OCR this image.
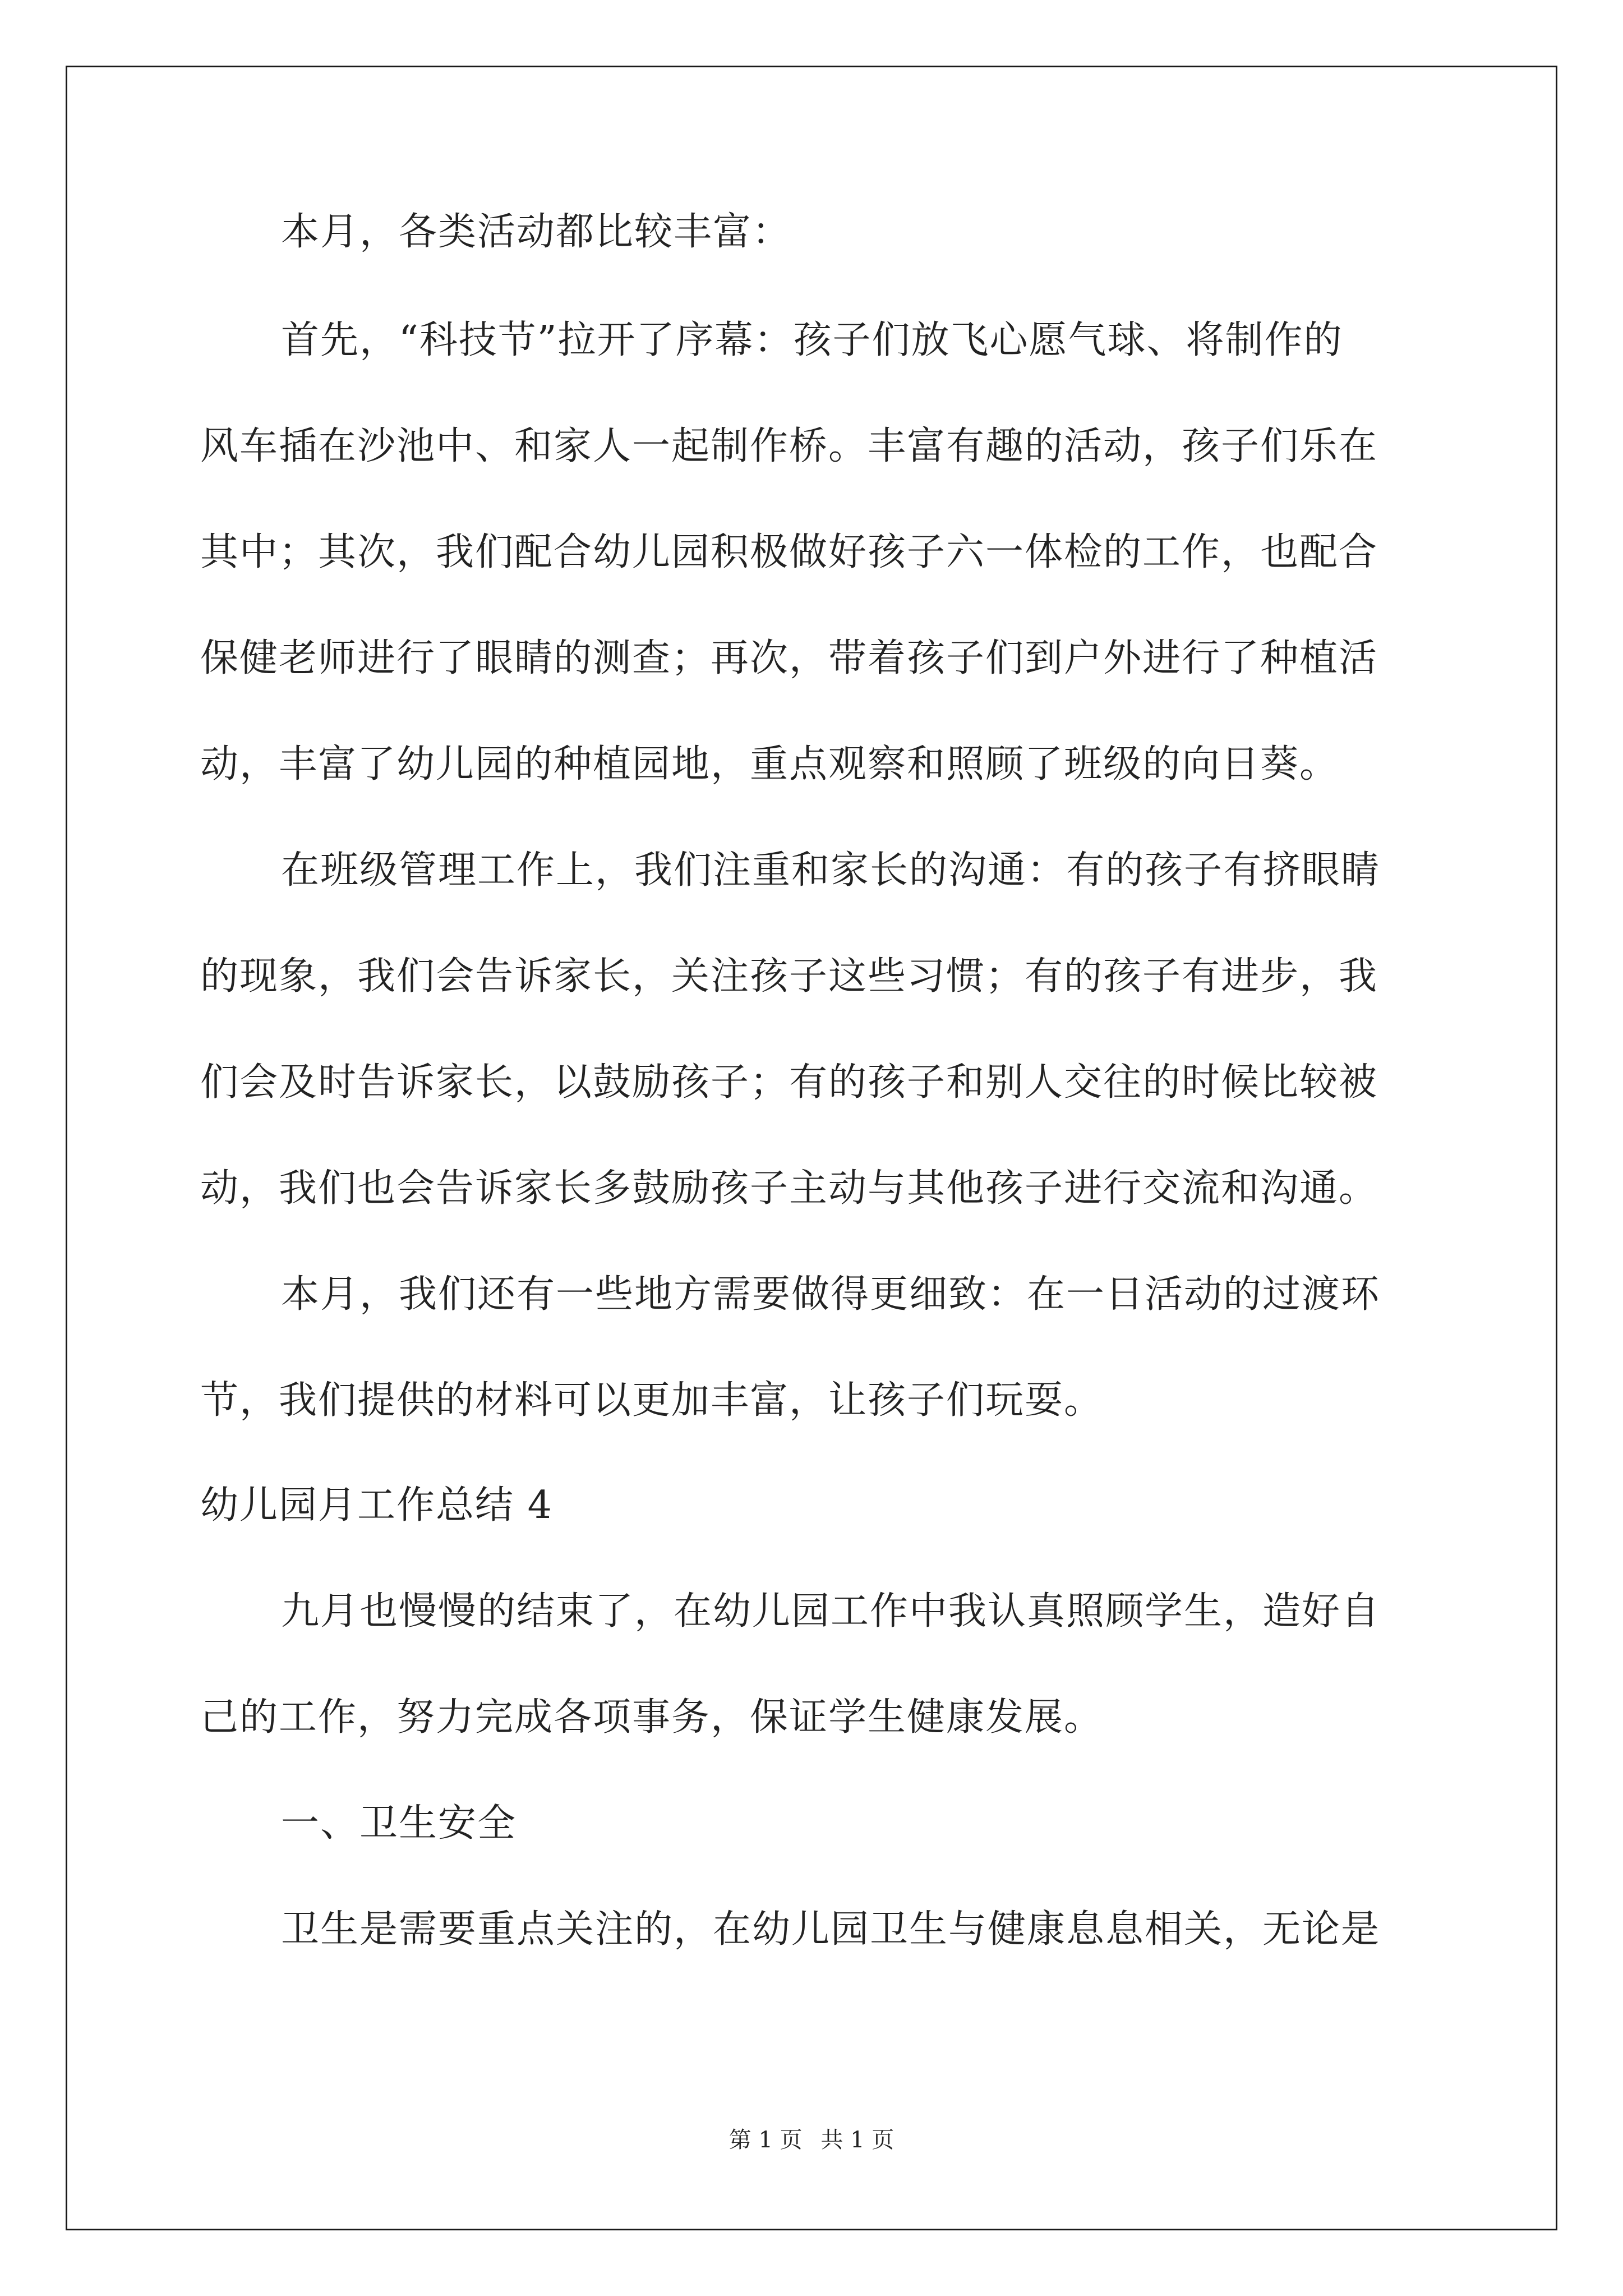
本月，各类活动都比较丰富：
首先，“科技节”拉开了序幕：孩子们放飞心愿气球、将制作的
风车插在沙池中、和家人一起制作桥。丰富有趣的活动，孩子们乐在
其中；其次，我们配合幼儿园积极做好孩子六一体检的工作，也配合
保健老师进行了眼睛的测查；再次，带着孩子们到户外进行了种植活
动，丰富了幼儿园的种植园地，重点观察和照顾了班级的向日葵。
在班级管理工作上，我们注重和家长的沟通：有的孩子有挤眼睛
的现象，我们会告诉家长，关注孩子这些习惯；有的孩子有进步，我
们会及时告诉家长，以鼓励孩子；有的孩子和别人交往的时候比较被
动，我们也会告诉家长多鼓励孩子主动与其他孩子进行交流和沟通。
本月，我们还有一些地方需要做得更细致：在一日活动的过渡环
节，我们提供的材料可以更加丰富，让孩子们玩耍。
幼儿园月工作总结 4
九月也慢慢的结束了，在幼儿园工作中我认真照顾学生，造好自
己的工作，努力完成各项事务，保证学生健康发展。
一、卫生安全
卫生是需要重点关注的，在幼儿园卫生与健康息息相关，无论是
第 1 页 共 1 页
